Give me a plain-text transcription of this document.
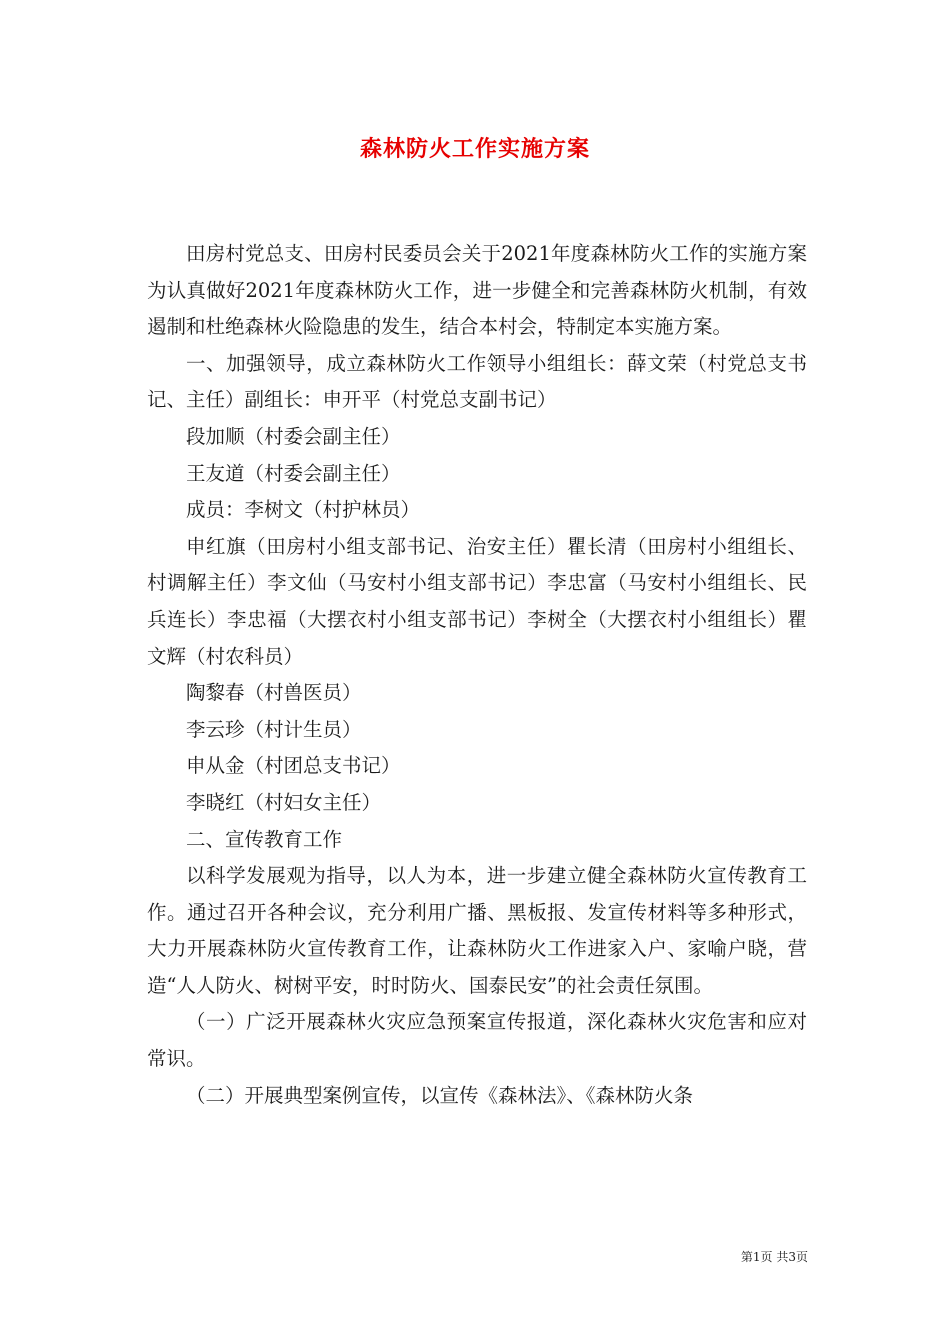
森林防火工作实施方案

田房村党总支、田房村民委员会关于2021年度森林防火工作的实施方案为认真做好2021年度森林防火工作，进一步健全和完善森林防火机制，有效遏制和杜绝森林火险隐患的发生，结合本村会，特制定本实施方案。

一、加强领导，成立森林防火工作领导小组组长：薛文荣（村党总支书记、主任）副组长：申开平（村党总支副书记）

段加顺（村委会副主任）

王友道（村委会副主任）

成员：李树文（村护林员）

申红旗（田房村小组支部书记、治安主任）瞿长清（田房村小组组长、村调解主任）李文仙（马安村小组支部书记）李忠富（马安村小组组长、民兵连长）李忠福（大摆衣村小组支部书记）李树全（大摆衣村小组组长）瞿文辉（村农科员）

陶黎春（村兽医员）

李云珍（村计生员）

申从金（村团总支书记）

李晓红（村妇女主任）

二、宣传教育工作

以科学发展观为指导，以人为本，进一步建立健全森林防火宣传教育工作。通过召开各种会议，充分利用广播、黑板报、发宣传材料等多种形式，大力开展森林防火宣传教育工作，让森林防火工作进家入户、家喻户晓，营造“人人防火、树树平安，时时防火、国泰民安”的社会责任氛围。

（一）广泛开展森林火灾应急预案宣传报道，深化森林火灾危害和应对常识。

（二）开展典型案例宣传，以宣传《森林法》、《森林防火条

第1页 共3页
